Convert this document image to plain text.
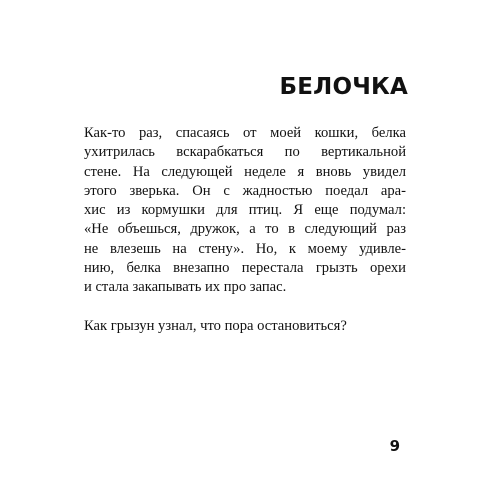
БЕЛОЧКА
Как-то раз, спасаясь от моей кошки, белка
ухитрилась вскарабкаться по вертикальной
стене. На следующей неделе я вновь увидел
этого зверька. Он с жадностью поедал ара-
хис из кормушки для птиц. Я еще подумал:
«Не объешься, дружок, а то в следующий раз
не влезешь на стену». Но, к моему удивле-
нию, белка внезапно перестала грызть орехи
и стала закапывать их про запас.
Как грызун узнал, что пора остановиться?
9
